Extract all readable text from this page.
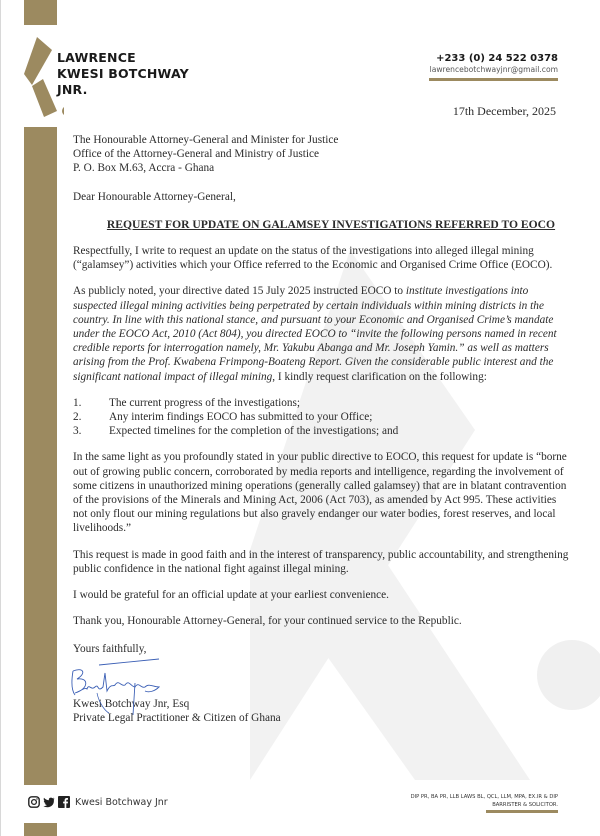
LAWRENCE
KWESI BOTCHWAY
JNR.
+233 (0) 24 522 0378
lawrencebotchwayjnr@gmail.com
17th December, 2025
The Honourable Attorney-General and Minister for Justice
Office of the Attorney-General and Ministry of Justice
P. O. Box M.63, Accra - Ghana

Dear Honourable Attorney-General,

REQUEST FOR UPDATE ON GALAMSEY INVESTIGATIONS REFERRED TO EOCO

Respectfully, I write to request an update on the status of the investigations into alleged illegal mining (“galamsey”) activities which your Office referred to the Economic and Organised Crime Office (EOCO).

As publicly noted, your directive dated 15 July 2025 instructed EOCO to institute investigations into suspected illegal mining activities being perpetrated by certain individuals within mining districts in the country. In line with this national stance, and pursuant to your Economic and Organised Crime’s mandate under the EOCO Act, 2010 (Act 804), you directed EOCO to “invite the following persons named in recent credible reports for interrogation namely, Mr. Yakubu Abanga and Mr. Joseph Yamin.” as well as matters arising from the Prof. Kwabena Frimpong-Boateng Report. Given the considerable public interest and the significant national impact of illegal mining, I kindly request clarification on the following:

1.	The current progress of the investigations;
2.	Any interim findings EOCO has submitted to your Office;
3.	Expected timelines for the completion of the investigations; and

In the same light as you profoundly stated in your public directive to EOCO, this request for update is “borne out of growing public concern, corroborated by media reports and intelligence, regarding the involvement of some citizens in unauthorized mining operations (generally called galamsey) that are in blatant contravention of the provisions of the Minerals and Mining Act, 2006 (Act 703), as amended by Act 995. These activities not only flout our mining regulations but also gravely endanger our water bodies, forest reserves, and local livelihoods.”

This request is made in good faith and in the interest of transparency, public accountability, and strengthening public confidence in the national fight against illegal mining.

I would be grateful for an official update at your earliest convenience.

Thank you, Honourable Attorney-General, for your continued service to the Republic.

Yours faithfully,

Kwesi Botchway Jnr, Esq
Private Legal Practitioner & Citizen of Ghana
Kwesi Botchway Jnr	DIP PR, BA PR, LLB LAWS BL, QCL, LLM, MPA, EX.IR & DIP
BARRISTER & SOLICITOR.
